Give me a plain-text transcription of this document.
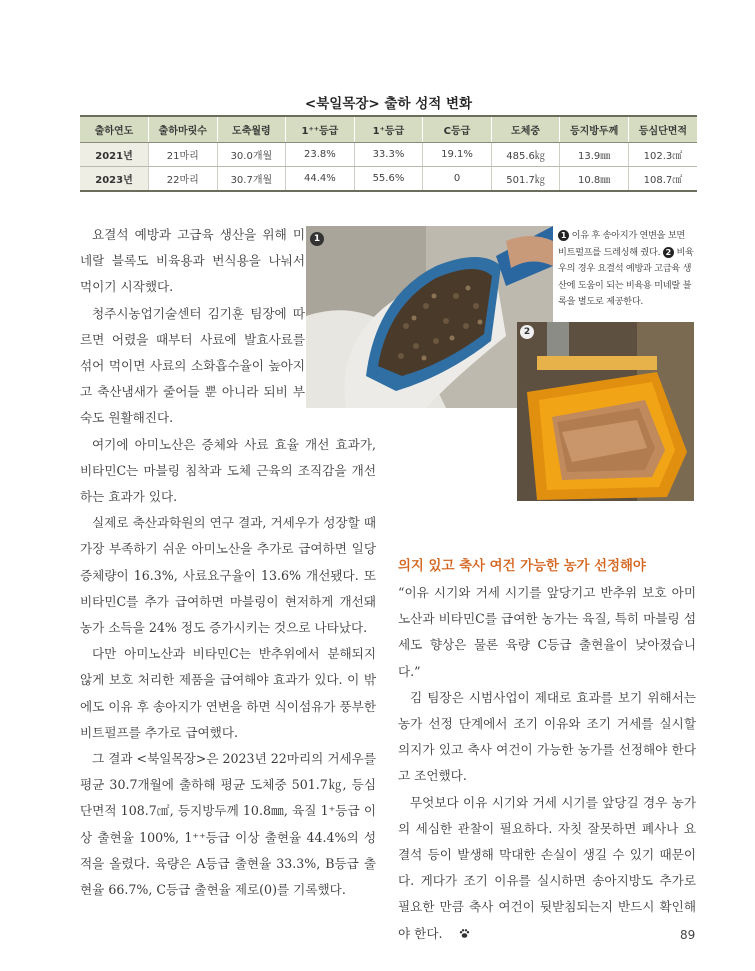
<북일목장> 출하 성적 변화
출하연도	출하마릿수	도축월령	1⁺⁺등급	1⁺등급	C등급	도체중	등지방두께	등심단면적
2021년	21마리	30.0개월	23.8%	33.3%	19.1%	485.6㎏	13.9㎜	102.3㎠
2023년	22마리	30.7개월	44.4%	55.6%	0	501.7㎏	10.8㎜	108.7㎠
1	1 이유 후 송아지가 연변을 보면 비트펄프를 드레싱해 줬다. 2 비육우의 경우 요결석 예방과 고급육 생산에 도움이 되는 비육용 미네랄 블록을 별도로 제공한다.
2

요결석 예방과 고급육 생산을 위해 미네랄 블록도 비육용과 번식용을 나눠서 먹이기 시작했다.

청주시농업기술센터 김기훈 팀장에 따르면 어렸을 때부터 사료에 발효사료를 섞어 먹이면 사료의 소화흡수율이 높아지고 축산냄새가 줄어들 뿐 아니라 되비 부숙도 원활해진다.

여기에 아미노산은 증체와 사료 효율 개선 효과가, 비타민C는 마블링 침착과 도체 근육의 조직감을 개선하는 효과가 있다.

실제로 축산과학원의 연구 결과, 거세우가 성장할 때 가장 부족하기 쉬운 아미노산을 추가로 급여하면 일당 증체량이 16.3%, 사료요구율이 13.6% 개선됐다. 또 비타민C를 추가 급여하면 마블링이 현저하게 개선돼 농가 소득을 24% 정도 증가시키는 것으로 나타났다.

다만 아미노산과 비타민C는 반추위에서 분해되지 않게 보호 처리한 제품을 급여해야 효과가 있다. 이 밖에도 이유 후 송아지가 연변을 하면 식이섬유가 풍부한 비트펄프를 추가로 급여했다.

그 결과 <북일목장>은 2023년 22마리의 거세우를 평균 30.7개월에 출하해 평균 도체중 501.7㎏, 등심단면적 108.7㎠, 등지방두께 10.8㎜, 육질 1⁺등급 이상 출현율 100%, 1⁺⁺등급 이상 출현율 44.4%의 성적을 올렸다. 육량은 A등급 출현율 33.3%, B등급 출현율 66.7%, C등급 출현율 제로(0)를 기록했다.

의지 있고 축사 여건 가능한 농가 선정해야

“이유 시기와 거세 시기를 앞당기고 반추위 보호 아미노산과 비타민C를 급여한 농가는 육질, 특히 마블링 섬세도 향상은 물론 육량 C등급 출현율이 낮아졌습니다.”

김 팀장은 시범사업이 제대로 효과를 보기 위해서는 농가 선정 단계에서 조기 이유와 조기 거세를 실시할 의지가 있고 축사 여건이 가능한 농가를 선정해야 한다고 조언했다.

무엇보다 이유 시기와 거세 시기를 앞당길 경우 농가의 세심한 관찰이 필요하다. 자칫 잘못하면 폐사나 요결석 등이 발생해 막대한 손실이 생길 수 있기 때문이다. 게다가 조기 이유를 실시하면 송아지방도 추가로 필요한 만큼 축사 여건이 뒷받침되는지 반드시 확인해야 한다.	89
